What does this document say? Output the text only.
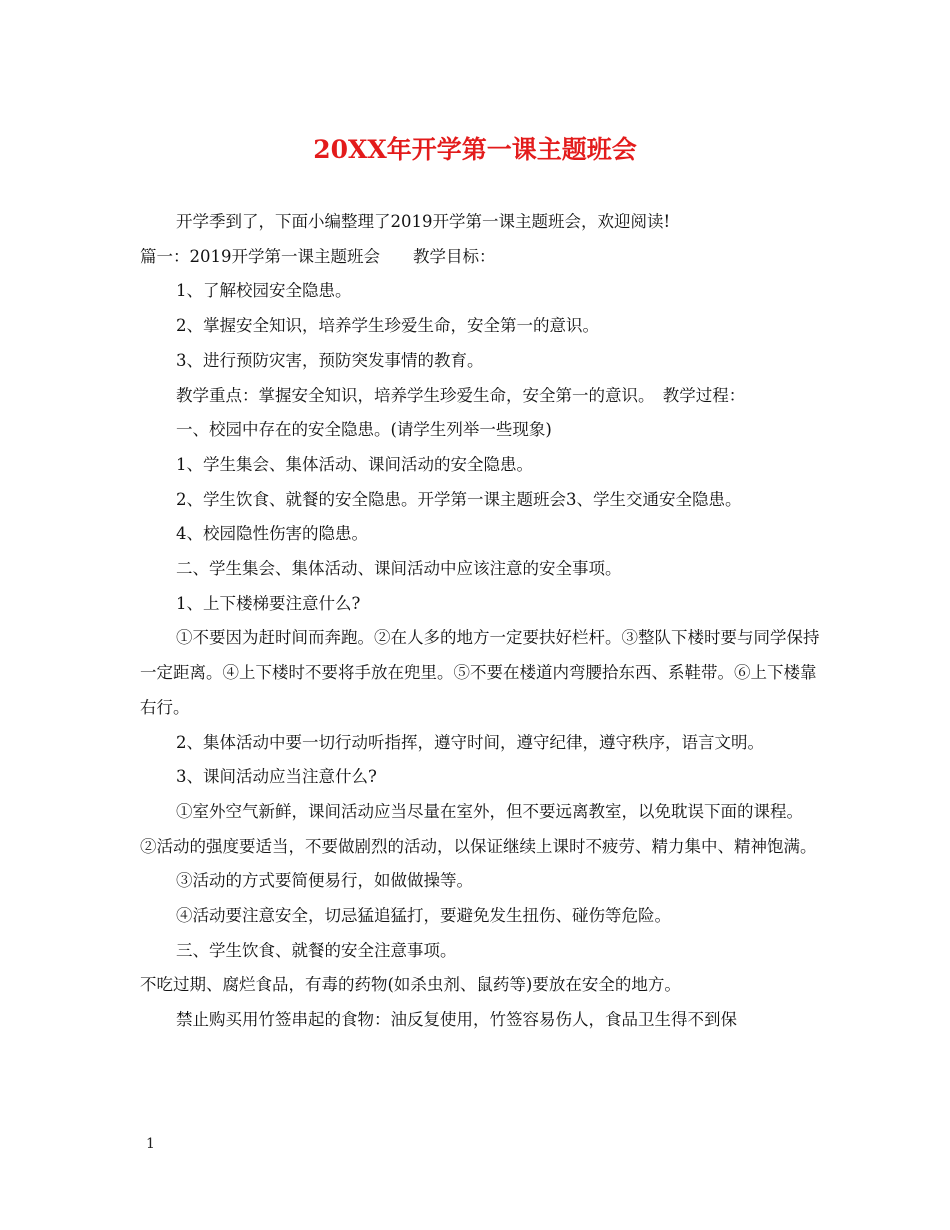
20XX年开学第一课主题班会

开学季到了，下面小编整理了2019开学第一课主题班会，欢迎阅读!

篇一：2019开学第一课主题班会　　教学目标：

1、了解校园安全隐患。

2、掌握安全知识，培养学生珍爱生命，安全第一的意识。

3、进行预防灾害，预防突发事情的教育。

教学重点：掌握安全知识，培养学生珍爱生命，安全第一的意识。　教学过程：

一、校园中存在的安全隐患。(请学生列举一些现象)

1、学生集会、集体活动、课间活动的安全隐患。

2、学生饮食、就餐的安全隐患。开学第一课主题班会3、学生交通安全隐患。

4、校园隐性伤害的隐患。

二、学生集会、集体活动、课间活动中应该注意的安全事项。

1、上下楼梯要注意什么?

①不要因为赶时间而奔跑。②在人多的地方一定要扶好栏杆。③整队下楼时要与同学保持一定距离。④上下楼时不要将手放在兜里。⑤不要在楼道内弯腰拾东西、系鞋带。⑥上下楼靠右行。

2、集体活动中要一切行动听指挥，遵守时间，遵守纪律，遵守秩序，语言文明。

3、课间活动应当注意什么?

①室外空气新鲜，课间活动应当尽量在室外，但不要远离教室，以免耽误下面的课程。　②活动的强度要适当，不要做剧烈的活动，以保证继续上课时不疲劳、精力集中、精神饱满。

③活动的方式要简便易行，如做做操等。

④活动要注意安全，切忌猛追猛打，要避免发生扭伤、碰伤等危险。

三、学生饮食、就餐的安全注意事项。

不吃过期、腐烂食品，有毒的药物(如杀虫剂、鼠药等)要放在安全的地方。

禁止购买用竹签串起的食物：油反复使用，竹签容易伤人，食品卫生得不到保

1
